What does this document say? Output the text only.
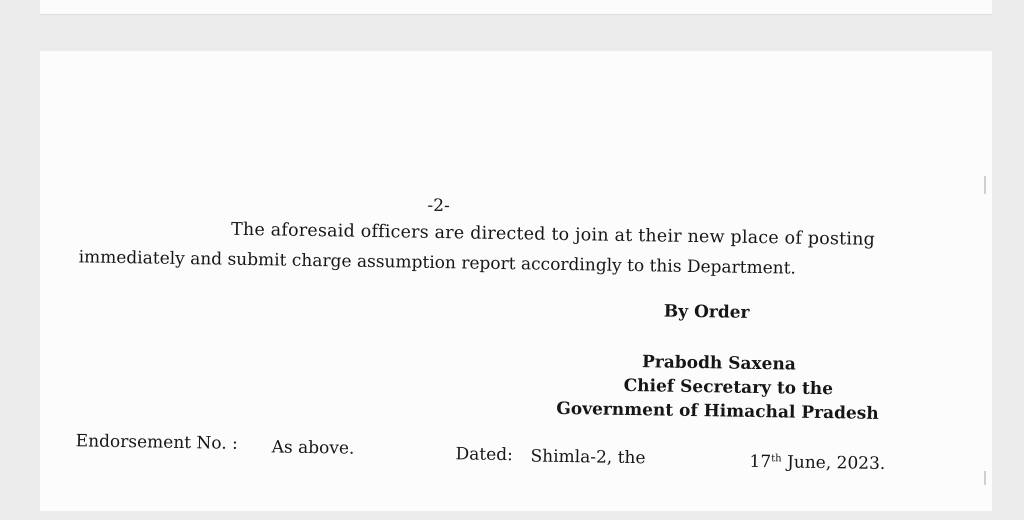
-2-
The aforesaid officers are directed to join at their new place of posting
immediately and submit charge assumption report accordingly to this Department.
By Order
Prabodh Saxena
Chief Secretary to the
Government of Himachal Pradesh
Endorsement No. : As above.	Dated: Shimla-2, the	17th June, 2023.
